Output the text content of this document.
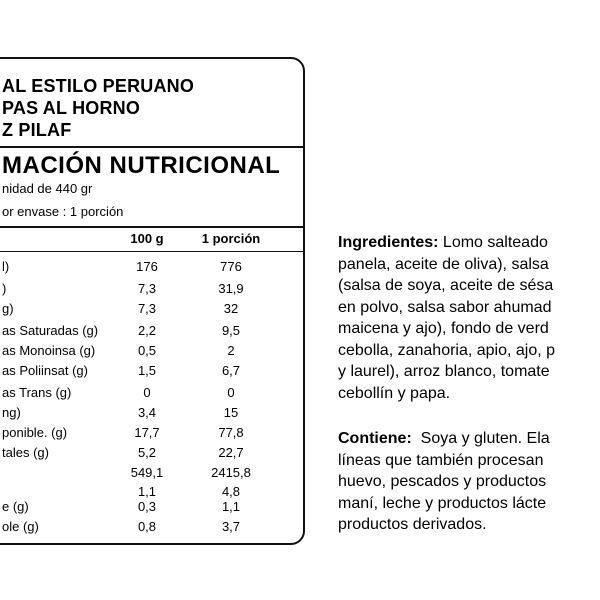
AL ESTILO PERUANO
PAS AL HORNO
Z PILAF
MACIÓN NUTRICIONAL
nidad de 440 gr
or envase : 1 porción
100 g	1 porción
l)	176	776
)	7,3	31,9
g)	7,3	32
as Saturadas (g)	2,2	9,5
as Monoinsa (g)	0,5	2
as Poliinsat (g)	1,5	6,7
as Trans (g)	0	0
ng)	3,4	15
ponible. (g)	17,7	77,8
tales (g)	5,2	22,7
549,1	2415,8
1,1	4,8
e (g)	0,3	1,1
ole (g)	0,8	3,7

Ingredientes: Lomo salteado

panela, aceite de oliva), salsa

(salsa de soya, aceite de sésa

en polvo, salsa sabor ahumad

maicena y ajo), fondo de verd

cebolla, zanahoria, apio, ajo, p

y laurel), arroz blanco, tomate

cebollín y papa.

Contiene:  Soya y gluten. Ela

líneas que también procesan

huevo, pescados y productos

maní, leche y productos lácte

productos derivados.
